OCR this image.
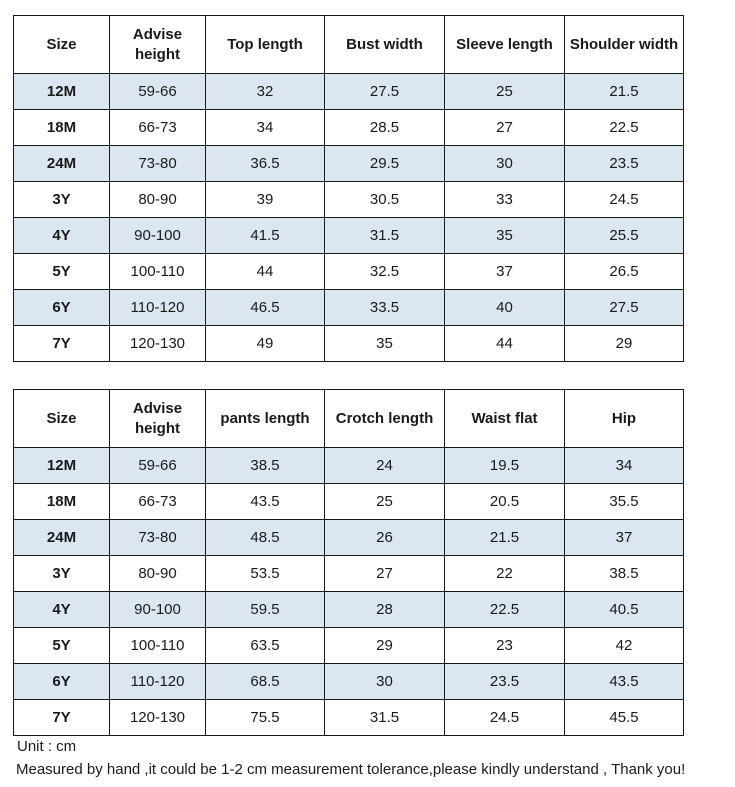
Size	Advise height	Top length	Bust width	Sleeve length	Shoulder width
12M	59-66	32	27.5	25	21.5
18M	66-73	34	28.5	27	22.5
24M	73-80	36.5	29.5	30	23.5
3Y	80-90	39	30.5	33	24.5
4Y	90-100	41.5	31.5	35	25.5
5Y	100-110	44	32.5	37	26.5
6Y	110-120	46.5	33.5	40	27.5
7Y	120-130	49	35	44	29
Size	Advise height	pants length	Crotch length	Waist flat	Hip
12M	59-66	38.5	24	19.5	34
18M	66-73	43.5	25	20.5	35.5
24M	73-80	48.5	26	21.5	37
3Y	80-90	53.5	27	22	38.5
4Y	90-100	59.5	28	22.5	40.5
5Y	100-110	63.5	29	23	42
6Y	110-120	68.5	30	23.5	43.5
7Y	120-130	75.5	31.5	24.5	45.5
Unit : cm
Measured by hand ,it could be 1-2 cm measurement tolerance,please kindly understand , Thank you!
